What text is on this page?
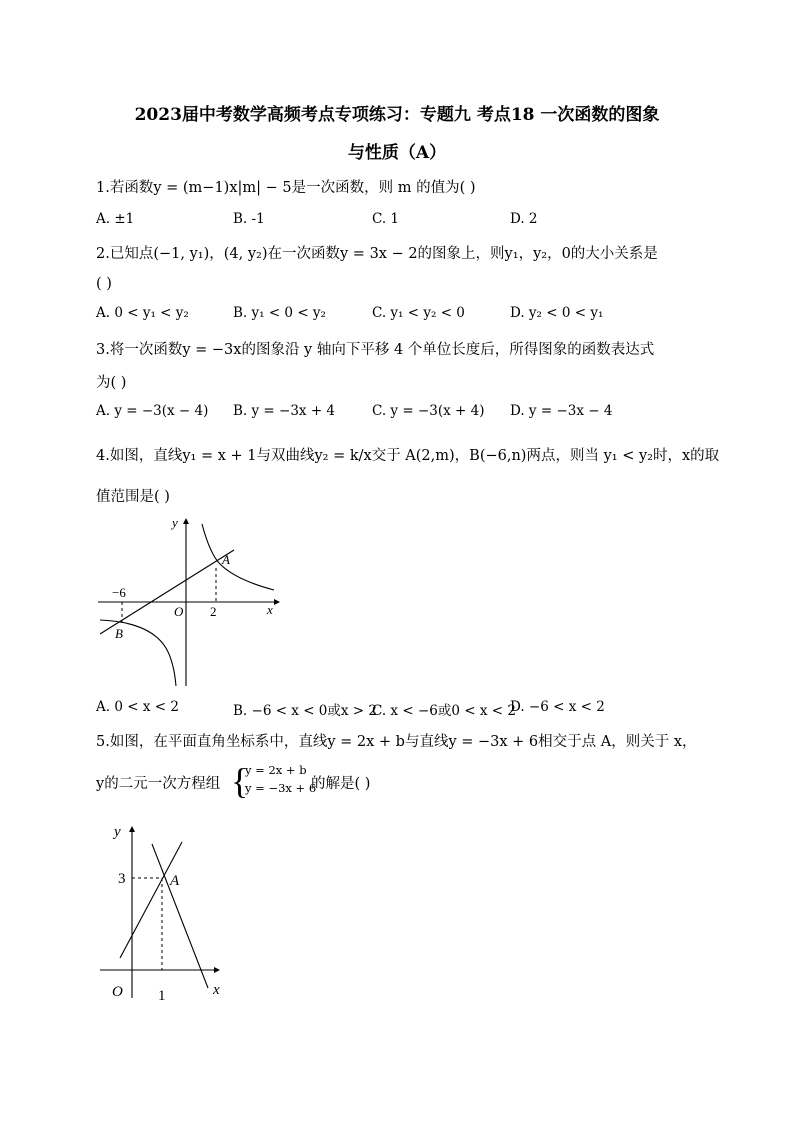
2023届中考数学高频考点专项练习：专题九 考点18 一次函数的图象
与性质（A）
1.若函数y = (m−1)x|m| − 5是一次函数，则 m 的值为( )
A. ±1	B. -1	C. 1	D. 2
2.已知点(−1, y₁)，(4, y₂)在一次函数y = 3x − 2的图象上，则y₁，y₂，0的大小关系是
( )
A. 0 < y₁ < y₂	B. y₁ < 0 < y₂	C. y₁ < y₂ < 0	D. y₂ < 0 < y₁
3.将一次函数y = −3x的图象沿 y 轴向下平移 4 个单位长度后，所得图象的函数表达式
为( )
A. y = −3(x − 4) B. y = −3x + 4	C. y = −3(x + 4) D. y = −3x − 4
4.如图，直线y₁ = x + 1与双曲线y₂ = k/x交于 A(2,m)，B(−6,n)两点，则当 y₁ < y₂时，x的取
值范围是( )
y
x
O
−6
2
A
B
A. 0 < x < 2	B. −6 < x < 0或x > 2
C. x < −6或0 < x < 2
D. −6 < x < 2
5.如图，在平面直角坐标系中，直线y = 2x + b与直线y = −3x + 6相交于点 A，则关于 x，
y的二元一次方程组 {
y = 2x + b
y = −3x + 6
的解是( )
y
x
O
3
1
A
